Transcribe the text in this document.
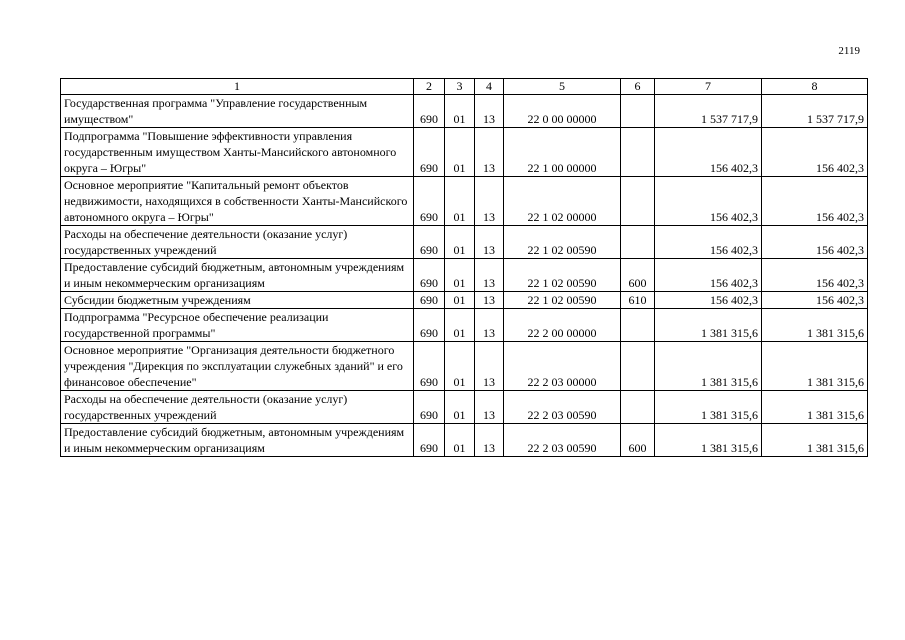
2119
1	2	3	4	5	6	7	8
Государственная программа "Управление государственным имуществом"	690	01	13	22 0 00 00000		1 537 717,9	1 537 717,9
Подпрограмма "Повышение эффективности управления государственным имуществом Ханты-Мансийского автономного округа – Югры"	690	01	13	22 1 00 00000		156 402,3	156 402,3
Основное мероприятие "Капитальный ремонт объектов недвижимости, находящихся в собственности Ханты-Мансийского автономного округа – Югры"	690	01	13	22 1 02 00000		156 402,3	156 402,3
Расходы на обеспечение деятельности (оказание услуг) государственных учреждений	690	01	13	22 1 02 00590		156 402,3	156 402,3
Предоставление субсидий бюджетным, автономным учреждениям и иным некоммерческим организациям	690	01	13	22 1 02 00590	600	156 402,3	156 402,3
Субсидии бюджетным учреждениям	690	01	13	22 1 02 00590	610	156 402,3	156 402,3
Подпрограмма "Ресурсное обеспечение реализации государственной программы"	690	01	13	22 2 00 00000		1 381 315,6	1 381 315,6
Основное мероприятие "Организация деятельности бюджетного учреждения "Дирекция по эксплуатации служебных зданий" и его финансовое обеспечение"	690	01	13	22 2 03 00000		1 381 315,6	1 381 315,6
Расходы на обеспечение деятельности (оказание услуг) государственных учреждений	690	01	13	22 2 03 00590		1 381 315,6	1 381 315,6
Предоставление субсидий бюджетным, автономным учреждениям и иным некоммерческим организациям	690	01	13	22 2 03 00590	600	1 381 315,6	1 381 315,6
